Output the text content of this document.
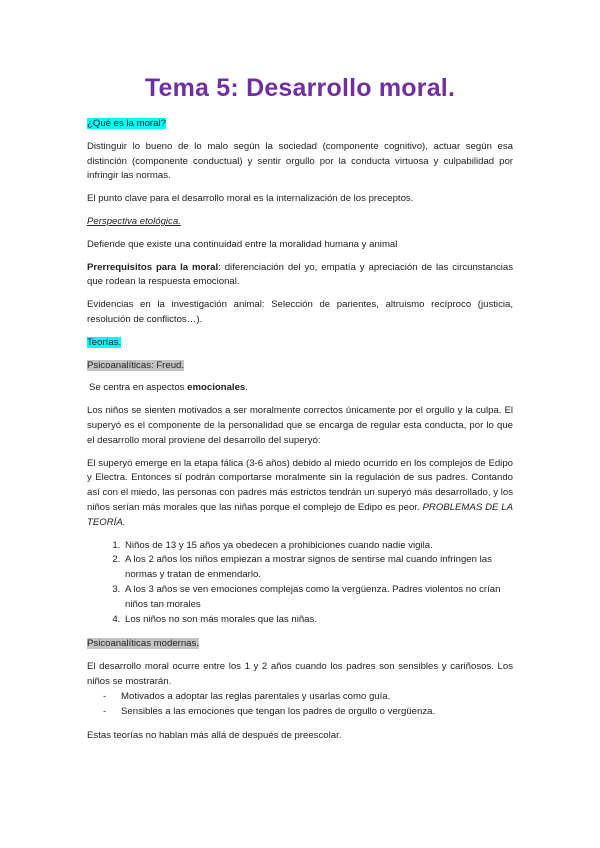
Tema 5: Desarrollo moral.

¿Qué es la moral?

Distinguir lo bueno de lo malo según la sociedad (componente cognitivo), actuar según esa distinción (componente conductual) y sentir orgullo por la conducta virtuosa y culpabilidad por infringir las normas.

El punto clave para el desarrollo moral es la internalización de los preceptos.

Perspectiva etológica.

Defiende que existe una continuidad entre la moralidad humana y animal

Prerrequisitos para la moral: diferenciación del yo, empatía y apreciación de las circunstancias que rodean la respuesta emocional.

Evidencias en la investigación animal: Selección de parientes, altruismo recíproco (justicia, resolución de conflictos…).

Teorías.

Psicoanalíticas: Freud.

Se centra en aspectos emocionales.

Los niños se sienten motivados a ser moralmente correctos únicamente por el orgullo y la culpa. El superyó es el componente de la personalidad que se encarga de regular esta conducta, por lo que el desarrollo moral proviene del desarrollo del superyó:

El superyó emerge en la etapa fálica (3-6 años) debido al miedo ocurrido en los complejos de Edipo y Electra. Entonces sí podrán comportarse moralmente sin la regulación de sus padres. Contando así con el miedo, las personas con padres más estrictos tendrán un superyó más desarrollado, y los niños serían más morales que las niñas porque el complejo de Edipo es peor. PROBLEMAS DE LA TEORÍA.

1. Niños de 13 y 15 años ya obedecen a prohibiciones cuando nadie vigila.
2. A los 2 años los niños empiezan a mostrar signos de sentirse mal cuando infringen las normas y tratan de enmendarlo.
3. A los 3 años se ven emociones complejas como la vergüenza. Padres violentos no crían niños tan morales
4. Los niños no son más morales que las niñas.

Psicoanalíticas modernas.

El desarrollo moral ocurre entre los 1 y 2 años cuando los padres son sensibles y cariñosos. Los niños se mostrarán.

- Motivados a adoptar las reglas parentales y usarlas como guía.
- Sensibles a las emociones que tengan los padres de orgullo o vergüenza.

Estas teorías no hablan más allá de después de preescolar.
